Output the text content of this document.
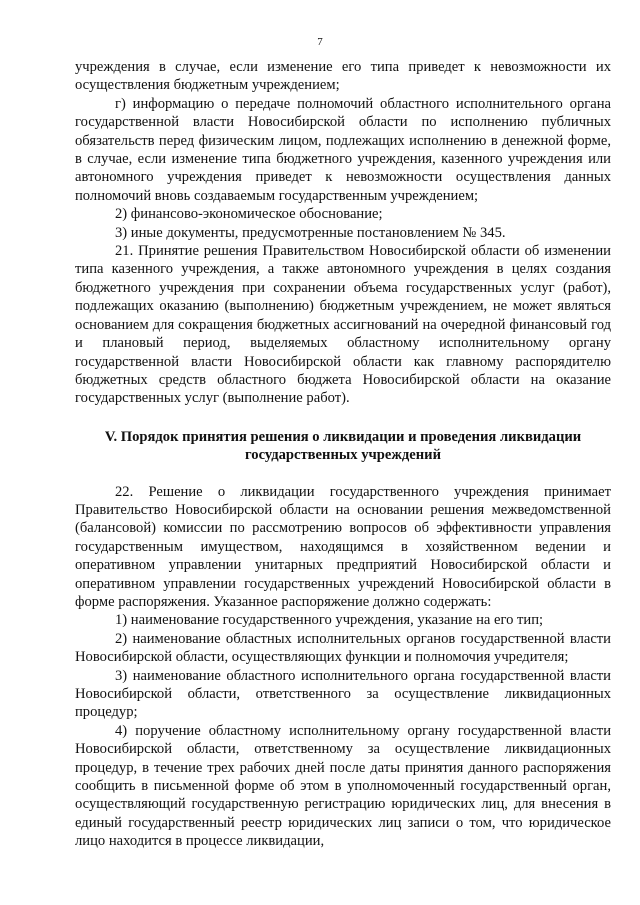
7

учреждения в случае, если изменение его типа приведет к невозможности их осуществления бюджетным учреждением;

г) информацию о передаче полномочий областного исполнительного органа государственной власти Новосибирской области по исполнению публичных обязательств перед физическим лицом, подлежащих исполнению в денежной форме, в случае, если изменение типа бюджетного учреждения, казенного учреждения или автономного учреждения приведет к невозможности осуществления данных полномочий вновь создаваемым государственным учреждением;

2) финансово-экономическое обоснование;

3) иные документы, предусмотренные постановлением № 345.

21. Принятие решения Правительством Новосибирской области об изменении типа казенного учреждения, а также автономного учреждения в целях создания бюджетного учреждения при сохранении объема государственных услуг (работ), подлежащих оказанию (выполнению) бюджетным учреждением, не может являться основанием для сокращения бюджетных ассигнований на очередной финансовый год и плановый период, выделяемых областному исполнительному органу государственной власти Новосибирской области как главному распорядителю бюджетных средств областного бюджета Новосибирской области на оказание государственных услуг (выполнение работ).

V. Порядок принятия решения о ликвидации и проведения ликвидации государственных учреждений

22. Решение о ликвидации государственного учреждения принимает Правительство Новосибирской области на основании решения межведомственной (балансовой) комиссии по рассмотрению вопросов об эффективности управления государственным имуществом, находящимся в хозяйственном ведении и оперативном управлении унитарных предприятий Новосибирской области и оперативном управлении государственных учреждений Новосибирской области в форме распоряжения. Указанное распоряжение должно содержать:

1) наименование государственного учреждения, указание на его тип;

2) наименование областных исполнительных органов государственной власти Новосибирской области, осуществляющих функции и полномочия учредителя;

3) наименование областного исполнительного органа государственной власти Новосибирской области, ответственного за осуществление ликвидационных процедур;

4) поручение областному исполнительному органу государственной власти Новосибирской области, ответственному за осуществление ликвидационных процедур, в течение трех рабочих дней после даты принятия данного распоряжения сообщить в письменной форме об этом в уполномоченный государственный орган, осуществляющий государственную регистрацию юридических лиц, для внесения в единый государственный реестр юридических лиц записи о том, что юридическое лицо находится в процессе ликвидации,
